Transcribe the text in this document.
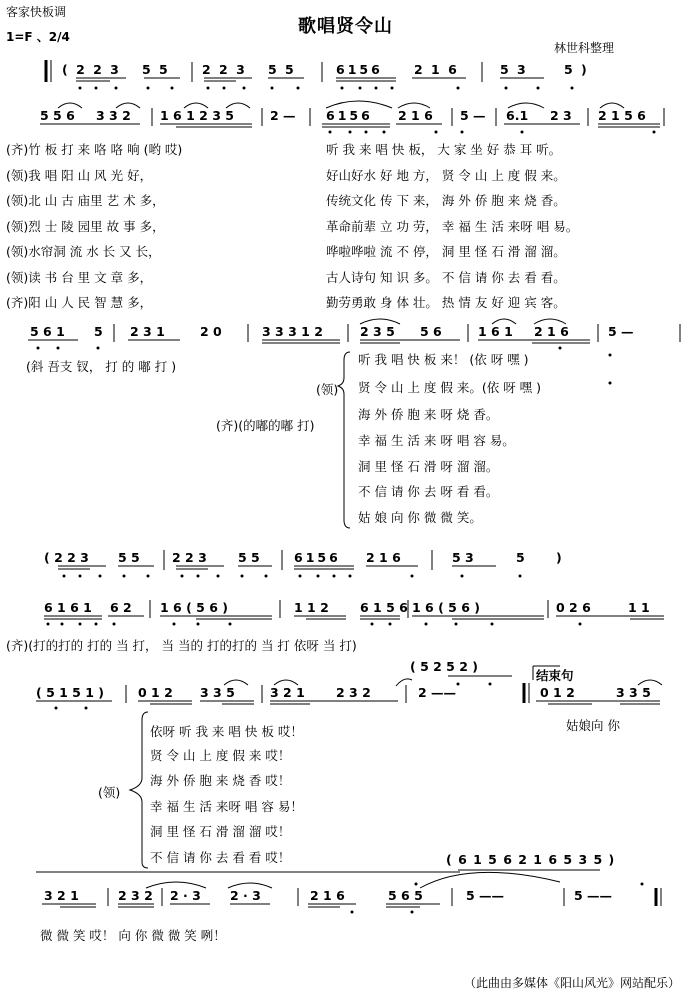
客家快板调
1=F 、2/4	歌唱贤令山
林世科整理
( 2 2 3 5 5	2 2 3 5 5	6156 2 1 6	5 3	5 )
5 5 6 3 3 2 1 6 1 2 3 5	2 — 6156 2 1 6 5 — 6.1 2 3 2 1 5 6
(齐)竹 板 打 来 咯 咯 响 (哟 哎)	听 我 来 唱 快 板， 大 家 坐 好 恭 耳 听。
(领)我 唱 阳 山 风 光 好，	好山好水 好 地 方， 贤 令 山 上 度 假 来。
(领)北 山 古 庙里 艺 术 多，	传统文化 传 下 来， 海 外 侨 胞 来 烧 香。
(领)烈 士 陵 园里 故 事 多，	革命前辈 立 功 劳， 幸 福 生 活 来呀 唱 易。
(领)水帘洞 流 水 长 又 长，	哗啦哗啦 流 不 停， 洞 里 怪 石 滑 溜 溜。
(领)读 书 台 里 文 章 多，	古人诗句 知 识 多。 不 信 请 你 去 看 看。
(齐)阳 山 人 民 智 慧 多，	勤劳勇敢 身 体 壮。 热 情 友 好 迎 宾 客。
5 6 1 5 2 3 1	2 0	3 3 3 1 2	2 3 5 5 6	1 6 1 2 1 6	5 —
(斜 吾支 钗， 打 的 嘟 打 )
(领)
(齐)(的嘟的嘟 打)
听 我 唱 快 板 来！ (依 呀 嘿 )
贤 令 山 上 度 假 来。(依 呀 嘿 )
海 外 侨 胞 来 呀 烧 香。
幸 福 生 活 来 呀 唱 容 易。
洞 里 怪 石 滑 呀 溜 溜。
不 信 请 你 去 呀 看 看。
姑 娘 向 你 微 微 笑。
( 2 2 3 5 5	2 2 3 5 5	6156 2 1 6	5 3	5	)
6 1 6 1 6 2 1 6 ( 5 6 )	1 1 2 6 1 5 6 1 6 ( 5 6 )	0 2 6	1 1
(齐)(打的打的 打的 当 打， 当 当的 打的打的 当 打 依呀 当 打)
( 5 1 5 1 )	0 1 2 3 3 5	3 2 1 2 3 2	2 ——
( 5 2 5 2 )
结束句
0 1 2	3 3 5
姑娘向 你
(领)
依呀 听 我 来 唱 快 板 哎！
贤 令 山 上 度 假 来 哎！
海 外 侨 胞 来 烧 香 哎！
幸 福 生 活 来呀 唱 容 易！
洞 里 怪 石 滑 溜 溜 哎！
不 信 请 你 去 看 看 哎！	( 6 1 5 6 2 1 6 5 3 5 )
3 2 1	2 3 2 2 · 3 2 · 3	2 1 6	5 6 5	5 ——	5 ——
微 微 笑 哎！ 向 你 微 微 笑 咧！
（此曲由多媒体《阳山风光》网站配乐）
